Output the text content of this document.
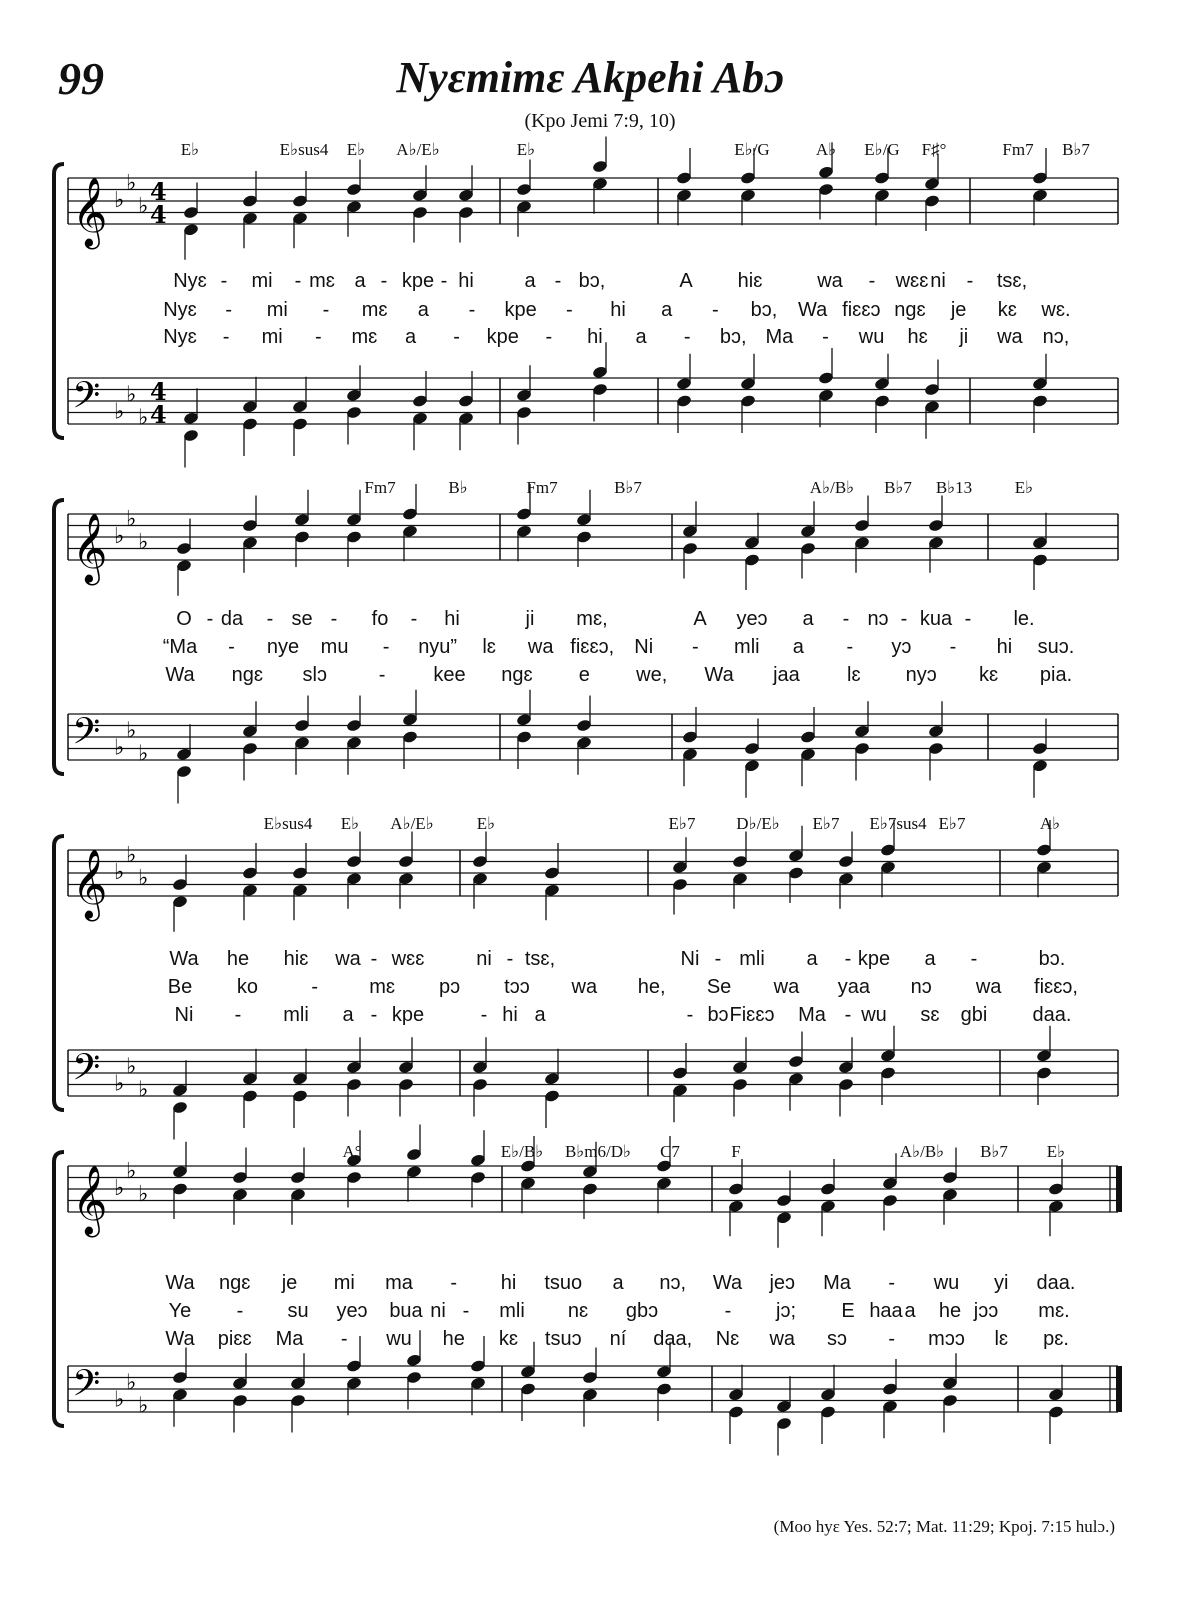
99	Nyɛmimɛ Akpehi Abɔ
(Kpo Jemi 7:9, 10)
𝄞 ♭
♭
♭
4
4
𝄢 ♭
♭
♭
4
4
𝄞 ♭
♭
♭
𝄢 ♭
♭
♭
𝄞 ♭
♭
♭
𝄢 ♭
♭
♭
𝄞 ♭
♭
♭
𝄢 ♭
♭
♭
E♭	E♭sus4 E♭ A♭/E♭	E♭	E♭/G	A♭ E♭/G F♯°	Fm7 B♭7
Nyɛ - mi - mɛ a - kpe - hi	a - bɔ,	A hiɛ	wa - wɛɛ ni - tsɛ,
Nyɛ - mi - mɛ a - kpe - hi a - bɔ, Wa fiɛɛɔ ngɛ je kɛ wɛ.
Nyɛ - mi - mɛ a - kpe - hi a - bɔ, Ma - wu hɛ ji wa nɔ,
Fm7	B♭	Fm7	B♭7	A♭/B♭ B♭7 B♭13	E♭
O - da - se - fo - hi	ji mɛ,	A yeɔ a - nɔ - kua - le.
“Ma - nye mu - nyu” lɛ wa fiɛɛɔ, Ni - mli a - yɔ - hi suɔ.
Wa ngɛ slɔ	- kee ngɛ e we, Wa jaa lɛ nyɔ kɛ pia.
E♭sus4 E♭ A♭/E♭	E♭	E♭7 D♭/E♭ E♭7 E♭7sus4 E♭7	A♭
Wa he hiɛ wa - wɛɛ	ni - tsɛ,	Ni - mli a - kpe a -	bɔ.
Be ko	-	mɛ pɔ tɔɔ wa he, Se wa yaa nɔ wa fiɛɛɔ,
Ni - mli a - kpe	- hi a	- bɔ Fiɛɛɔ Ma - wu sɛ gbi daa.
A°	E♭/B♭ B♭m6/D♭ C7	F	A♭/B♭ B♭7 E♭
Wa ngɛ je mi ma - hi tsuo a nɔ, Wa jeɔ Ma - wu yi daa.
Ye - su yeɔ bua ni - mli nɛ gbɔ	- jɔ; E haa a he jɔɔ mɛ.
Wa piɛɛ Ma - wu he kɛ tsuɔ ní daa, Nɛ wa sɔ - mɔɔ lɛ pɛ.
(Moo hyɛ Yes. 52:7; Mat. 11:29; Kpoj. 7:15 hulɔ.)
